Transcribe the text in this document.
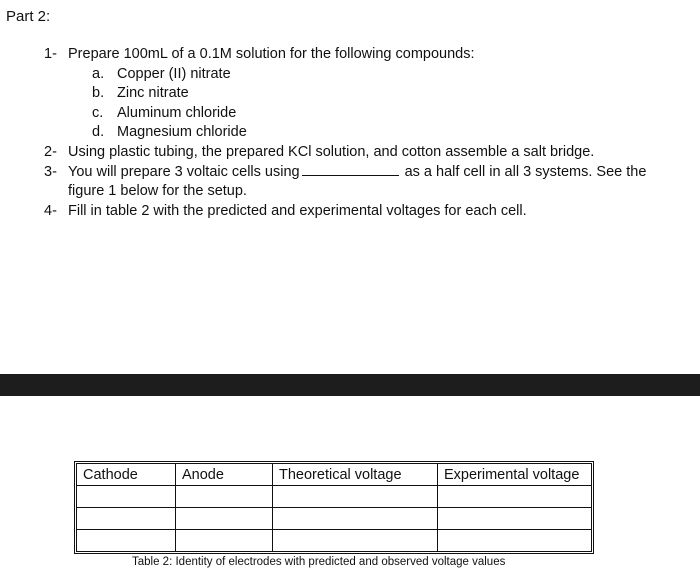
Part 2:
1- Prepare 100mL of a 0.1M solution for the following compounds:
a. Copper (II) nitrate
b. Zinc nitrate
c. Aluminum chloride
d. Magnesium chloride
2- Using plastic tubing, the prepared KCl solution, and cotton assemble a salt bridge.
3- You will prepare 3 voltaic cells using	as a half cell in all 3 systems. See the figure 1 below for the setup.
4- Fill in table 2 with the predicted and experimental voltages for each cell.
Cathode	Anode	Theoretical voltage	Experimental voltage

Table 2: Identity of electrodes with predicted and observed voltage values
